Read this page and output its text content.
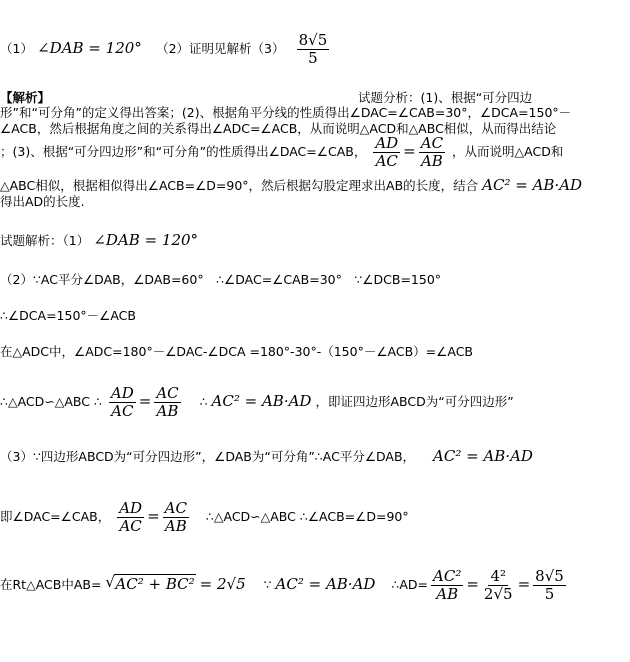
（1） ∠DAB = 120° （2）证明见解析$(3) \frac{8√5}{5}$
【解析】	试题分析：(1)、根据“可分四边
形”和“可分角”的定义得出答案；(2)、根据角平分线的性质得出∠DAC=∠CAB=30°，∠DCA=150°－
∠ACB，然后根据角度之间的关系得出∠ADC=∠ACB，从而说明△ACD和△ABC相似，从而得出结论
；(3)、根据“可分四边形”和“可分角”的性质得出∠DAC=∠CAB， $\frac{AD}{AC} = \frac{AC}{AB}$ ，从而说明△ACD和
△ABC相似，根据相似得出∠ACB=∠D=90°，然后根据勾股定理求出AB的长度，结合 AC² = AB·AD
得出AD的长度.
试题解析：（1） ∠DAB = 120°
（2）∵AC平分∠DAB，∠DAB=60°　∴∠DAC=∠CAB=30°　∵∠DCB=150°
∴∠DCA=150°－∠ACB
在△ADC中，∠ADC=180°－∠DAC-∠DCA =180°-30°-（150°－∠ACB）=∠ACB
∴△ACD∽△ABC ∴ $\frac{AD}{AC} = \frac{AC}{AB}$ ∴ AC² = AB·AD ，即证四边形ABCD为“可分四边形”
（3）∵四边形ABCD为“可分四边形”，∠DAB为“可分角”∴AC平分∠DAB， AC² = AB·AD
即∠DAC=∠CAB， $\frac{AD}{AC} = \frac{AC}{AB}$ ∴△ACD∽△ABC ∴∠ACB=∠D=90°
在Rt△ACB中AB= √ AC² + BC² = 2√5 ∵ AC² = AB·AD ∴AD= $\frac{\text{AC²}}{AB} = \frac{\text{4²}}{2√5} = \frac{8√5}{5}$
